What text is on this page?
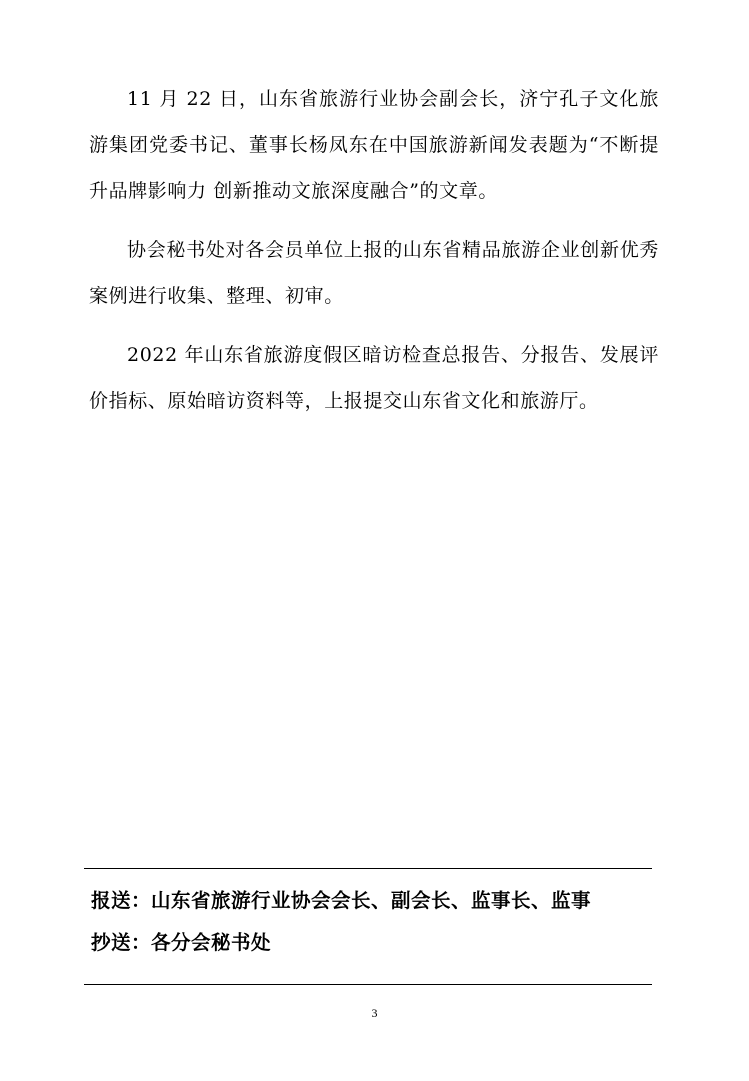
11 月 22 日，山东省旅游行业协会副会长，济宁孔子文化旅游集团党委书记、董事长杨凤东在中国旅游新闻发表题为“不断提升品牌影响力 创新推动文旅深度融合”的文章。

协会秘书处对各会员单位上报的山东省精品旅游企业创新优秀案例进行收集、整理、初审。

2022 年山东省旅游度假区暗访检查总报告、分报告、发展评价指标、原始暗访资料等，上报提交山东省文化和旅游厅。

报送：山东省旅游行业协会会长、副会长、监事长、监事
抄送：各分会秘书处
3
